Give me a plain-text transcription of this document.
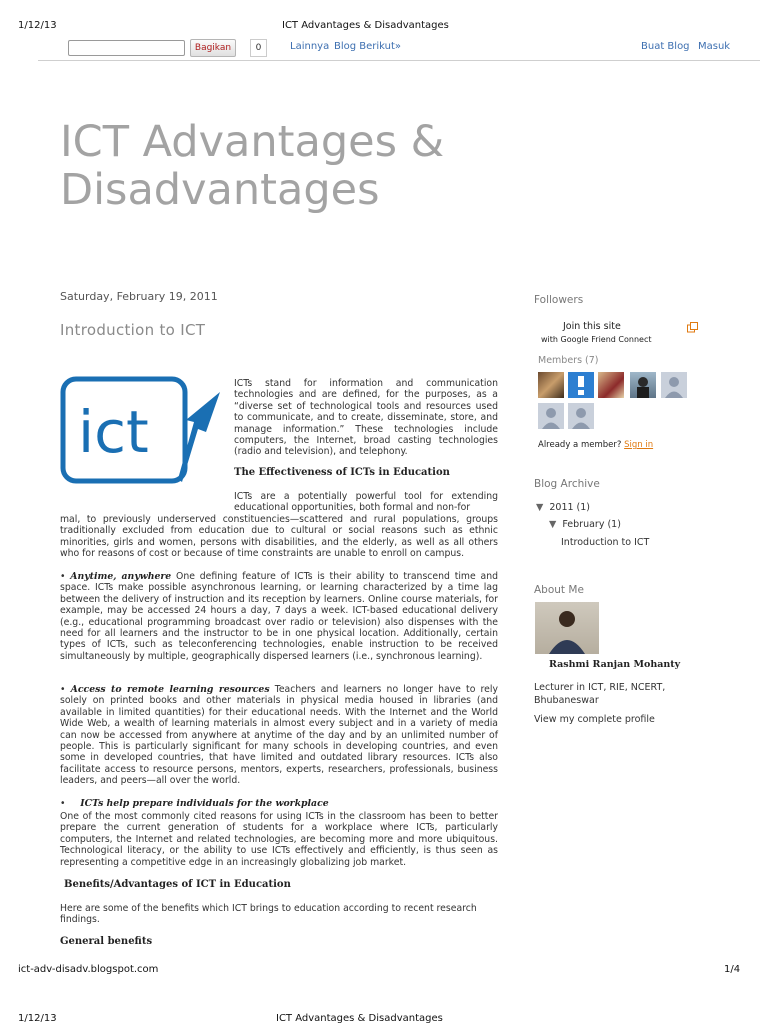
1/12/13	ICT Advantages & Disadvantages
Bagikan	0	Lainnya Blog Berikut»	Buat Blog Masuk
ICT Advantages & Disadvantages
Saturday, February 19, 2011
Introduction to ICT
ict
ICTs stand for information and communication technologies and are defined, for the purposes, as a “diverse set of technological tools and resources used to communicate, and to create, disseminate, store, and manage information.” These technologies include computers, the Internet, broad casting technologies (radio and television), and telephony.
The Effectiveness of ICTs in Education
ICTs are a potentially powerful tool for extending educational opportunities, both formal and non-for
mal, to previously underserved constituencies—scattered and rural populations, groups traditionally excluded from education due to cultural or social reasons such as ethnic minorities, girls and women, persons with disabilities, and the elderly, as well as all others who for reasons of cost or because of time constraints are unable to enroll on campus.
• Anytime, anywhere One defining feature of ICTs is their ability to transcend time and space. ICTs make possible asynchronous learning, or learning characterized by a time lag between the delivery of instruction and its reception by learners. Online course materials, for example, may be accessed 24 hours a day, 7 days a week. ICT-based educational delivery (e.g., educational programming broadcast over radio or television) also dispenses with the need for all learners and the instructor to be in one physical location. Additionally, certain types of ICTs, such as teleconferencing technologies, enable instruction to be received simultaneously by multiple, geographically dispersed learners (i.e., synchronous learning).
• Access to remote learning resources Teachers and learners no longer have to rely solely on printed books and other materials in physical media housed in libraries (and available in limited quantities) for their educational needs. With the Internet and the World Wide Web, a wealth of learning materials in almost every subject and in a variety of media can now be accessed from anywhere at anytime of the day and by an unlimited number of people. This is particularly significant for many schools in developing countries, and even some in developed countries, that have limited and outdated library resources. ICTs also facilitate access to resource persons, mentors, experts, researchers, professionals, business leaders, and peers—all over the world.
•     ICTs help prepare individuals for the workplace
One of the most commonly cited reasons for using ICTs in the classroom has been to better prepare the current generation of students for a workplace where ICTs, particularly computers, the Internet and related technologies, are becoming more and more ubiquitous. Technological literacy, or the ability to use ICTs effectively and efficiently, is thus seen as representing a competitive edge in an increasingly globalizing job market.
Benefits/Advantages of ICT in Education
Here are some of the benefits which ICT brings to education according to recent research findings.
General benefits
Followers
Join this site
with Google Friend Connect
Members (7)
Already a member? Sign in
Blog Archive
▼ 2011 (1)
▼ February (1)
Introduction to ICT
About Me
Rashmi Ranjan Mohanty
Lecturer in ICT, RIE, NCERT, Bhubaneswar
View my complete profile
ict-adv-disadv.blogspot.com	1/4
1/12/13	ICT Advantages & Disadvantages
